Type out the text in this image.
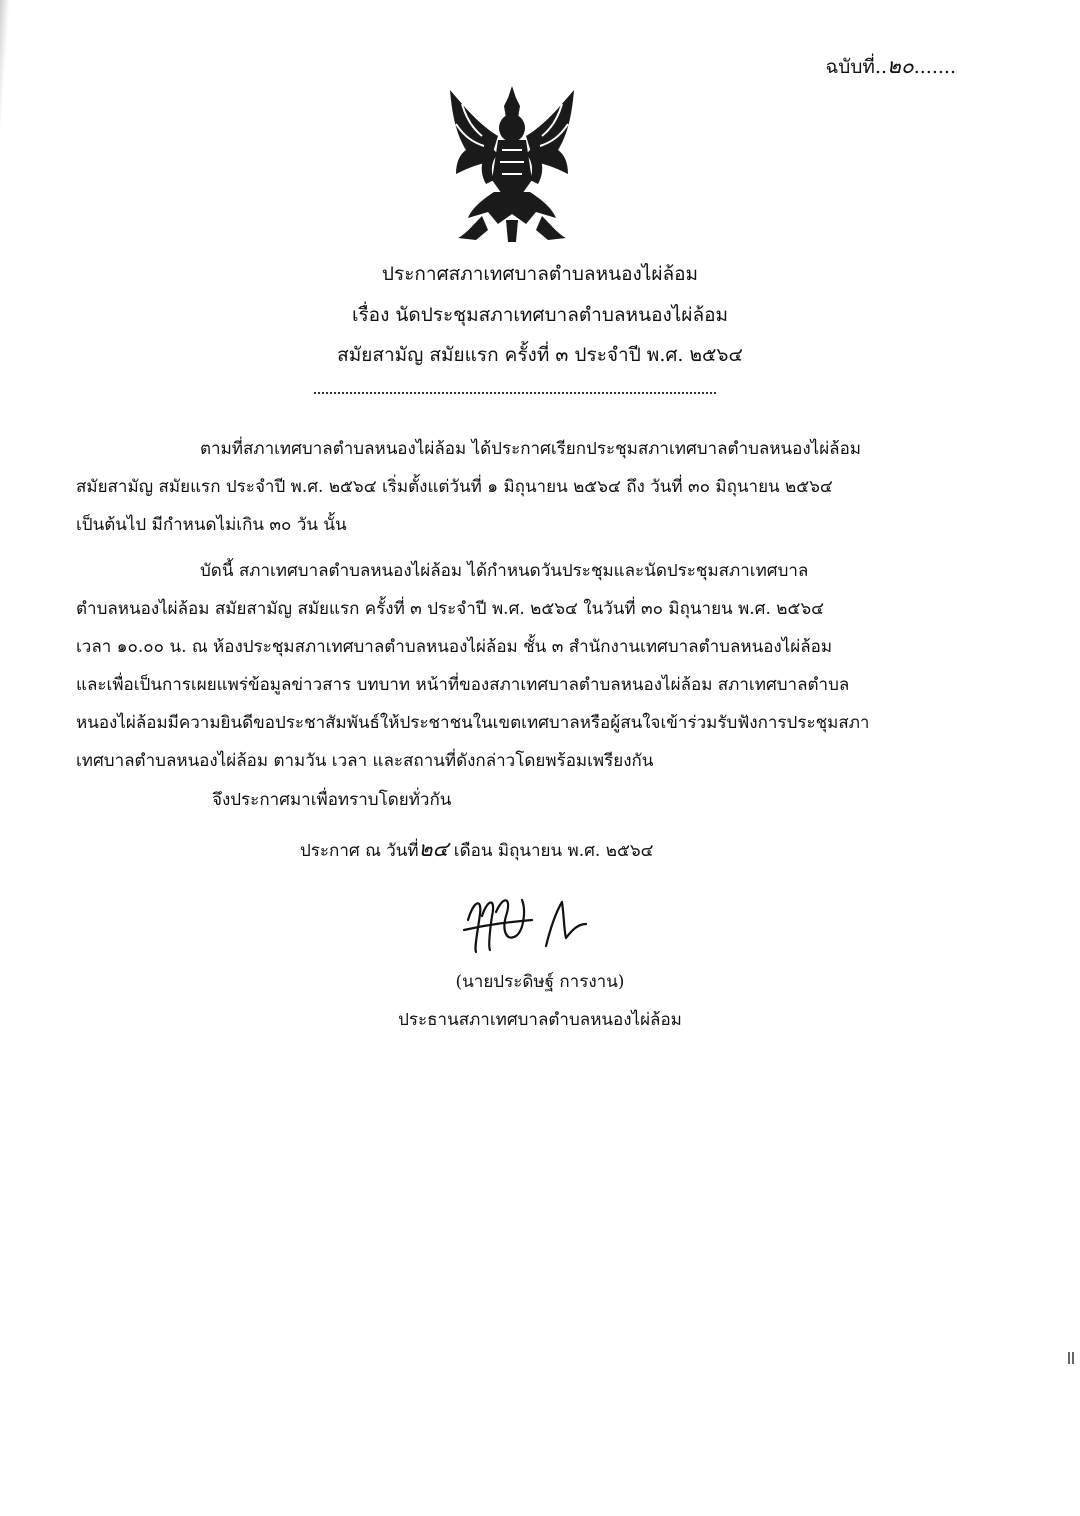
ฉบับที่..๒๐.......
ประกาศสภาเทศบาลตำบลหนองไผ่ล้อม
เรื่อง นัดประชุมสภาเทศบาลตำบลหนองไผ่ล้อม
สมัยสามัญ สมัยแรก ครั้งที่ ๓ ประจำปี พ.ศ. ๒๕๖๔
ตามที่สภาเทศบาลตำบลหนองไผ่ล้อม ได้ประกาศเรียกประชุมสภาเทศบาลตำบลหนองไผ่ล้อม
สมัยสามัญ สมัยแรก ประจำปี พ.ศ. ๒๕๖๔ เริ่มตั้งแต่วันที่ ๑ มิถุนายน ๒๕๖๔ ถึง วันที่ ๓๐ มิถุนายน ๒๕๖๔
เป็นต้นไป มีกำหนดไม่เกิน ๓๐ วัน นั้น
บัดนี้ สภาเทศบาลตำบลหนองไผ่ล้อม ได้กำหนดวันประชุมและนัดประชุมสภาเทศบาล
ตำบลหนองไผ่ล้อม สมัยสามัญ สมัยแรก ครั้งที่ ๓ ประจำปี พ.ศ. ๒๕๖๔ ในวันที่ ๓๐ มิถุนายน พ.ศ. ๒๕๖๔
เวลา ๑๐.๐๐ น. ณ ห้องประชุมสภาเทศบาลตำบลหนองไผ่ล้อม ชั้น ๓ สำนักงานเทศบาลตำบลหนองไผ่ล้อม
และเพื่อเป็นการเผยแพร่ข้อมูลข่าวสาร บทบาท หน้าที่ของสภาเทศบาลตำบลหนองไผ่ล้อม สภาเทศบาลตำบล
หนองไผ่ล้อมมีความยินดีขอประชาสัมพันธ์ให้ประชาชนในเขตเทศบาลหรือผู้สนใจเข้าร่วมรับฟังการประชุมสภา
เทศบาลตำบลหนองไผ่ล้อม ตามวัน เวลา และสถานที่ดังกล่าวโดยพร้อมเพรียงกัน
จึงประกาศมาเพื่อทราบโดยทั่วกัน
ประกาศ ณ วันที่๒๔ เดือน มิถุนายน พ.ศ. ๒๕๖๔
(นายประดิษฐ์ การงาน)
ประธานสภาเทศบาลตำบลหนองไผ่ล้อม
